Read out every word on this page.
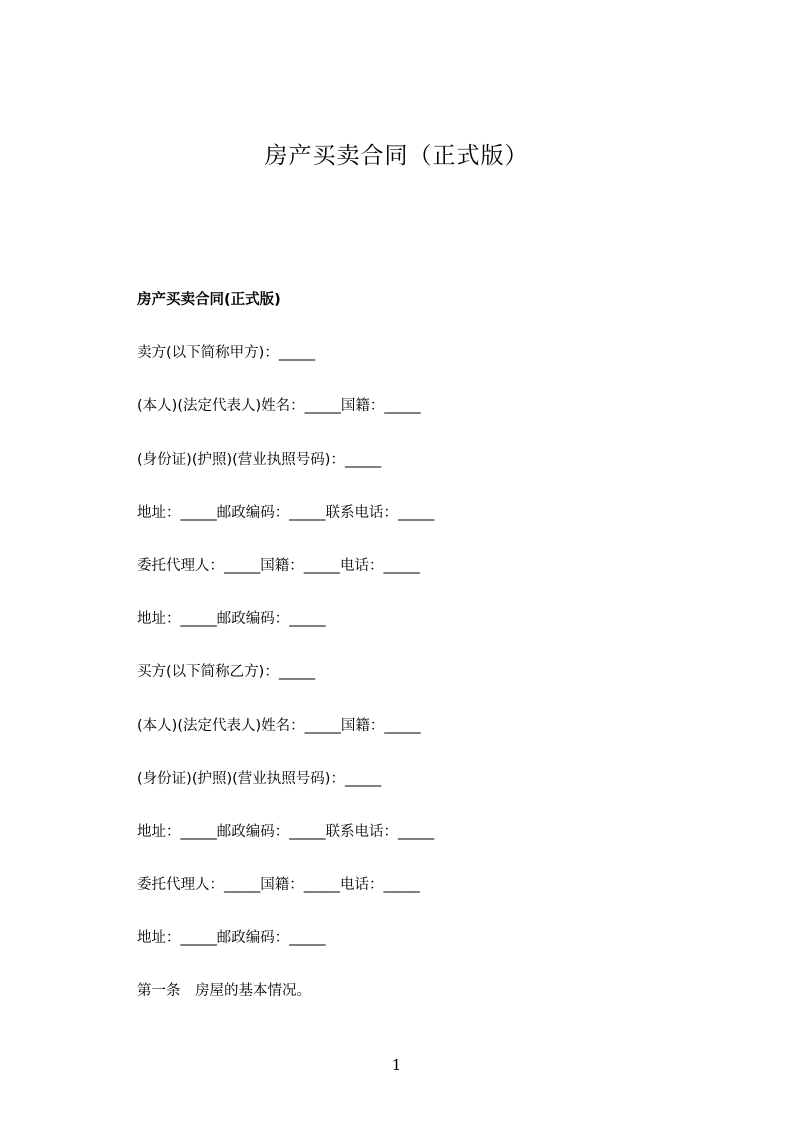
房产买卖合同（正式版）
房产买卖合同(正式版)
卖方(以下简称甲方)：_____
(本人)(法定代表人)姓名：_____国籍：_____
(身份证)(护照)(营业执照号码)：_____
地址：_____邮政编码：_____联系电话：_____
委托代理人：_____国籍：_____电话：_____
地址：_____邮政编码：_____
买方(以下简称乙方)：_____
(本人)(法定代表人)姓名：_____国籍：_____
(身份证)(护照)(营业执照号码)：_____
地址：_____邮政编码：_____联系电话：_____
委托代理人：_____国籍：_____电话：_____
地址：_____邮政编码：_____
第一条　房屋的基本情况。
1
